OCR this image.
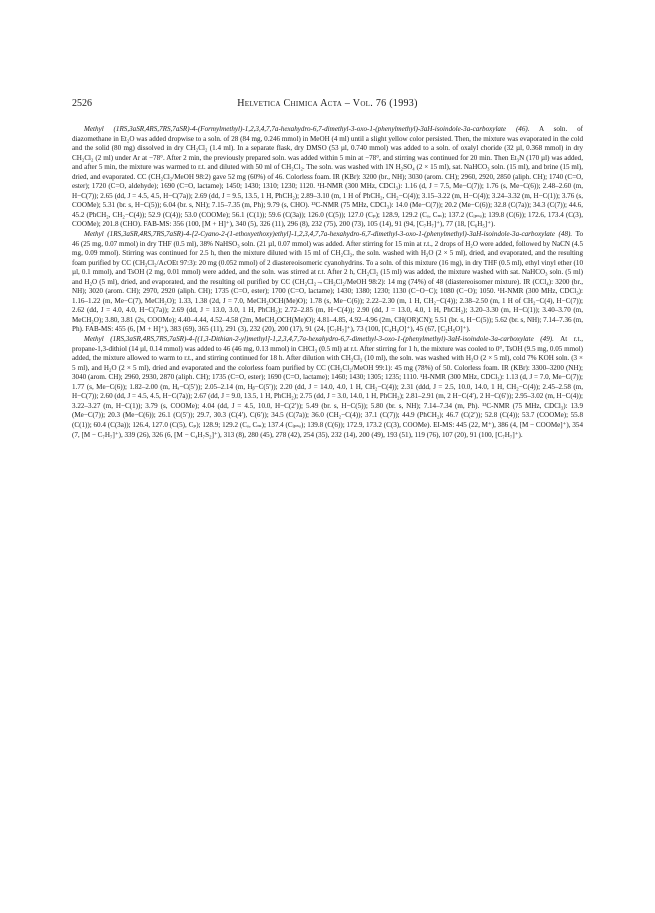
2526	Helvetica Chimica Acta – Vol. 76 (1993)

Methyl (1RS,3aSR,4RS,7RS,7aSR)-4-(Formylmethyl)-1,2,3,4,7,7a-hexahydro-6,7-dimethyl-3-oxo-1-(phenylmethyl)-3aH-isoindole-3a-carboxylate (46). A soln. of diazomethane in Et₂O was added dropwise to a soln. of 28 (84 mg, 0.246 mmol) in MeOH (4 ml) until a slight yellow color persisted. Then, the mixture was evaporated in the cold and the solid (80 mg) dissolved in dry CH₂Cl₂ (1.4 ml). In a separate flask, dry DMSO (53 µl, 0.740 mmol) was added to a soln. of oxalyl choride (32 µl, 0.368 mmol) in dry CH₂Cl₂ (2 ml) under Ar at −78°. After 2 min, the previously prepared soln. was added within 5 min at −78°, and stirring was continued for 20 min. Then Et₃N (170 µl) was added, and after 5 min, the mixture was warmed to r.t. and diluted with 50 ml of CH₂Cl₂. The soln. was washed with 1N H₂SO₄ (2 × 15 ml), sat. NaHCO₃ soln. (15 ml), and brine (15 ml), dried, and evaporated. CC (CH₂Cl₂/MeOH 98:2) gave 52 mg (60%) of 46. Colorless foam. IR (KBr): 3200 (br., NH); 3030 (arom. CH); 2960, 2920, 2850 (aliph. CH); 1740 (C=O, ester); 1720 (C=O, aldehyde); 1690 (C=O, lactame); 1450; 1430; 1310; 1230; 1120. ¹H-NMR (300 MHz, CDCl₃): 1.16 (d, J = 7.5, Me−C(7)); 1.76 (s, Me−C(6)); 2.48–2.60 (m, H−C(7)); 2.65 (dd, J = 4.5, 4.5, H−C(7a)); 2.69 (dd, J = 9.5, 13.5, 1 H, PhCH₂); 2.89–3.10 (m, 1 H of PhCH₂, CH₂−C(4)); 3.15–3.22 (m, H−C(4)); 3.24–3.32 (m, H−C(1)); 3.76 (s, COOMe); 5.31 (br. s, H−C(5)); 6.04 (br. s, NH); 7.15–7.35 (m, Ph); 9.79 (s, CHO). ¹³C-NMR (75 MHz, CDCl₃): 14.0 (Me−C(7)); 20.2 (Me−C(6)); 32.8 (C(7a)); 34.3 (C(7)); 44.6, 45.2 (PhCH₂, CH₂−C(4)); 52.9 (C(4)); 53.0 (COOMe); 56.1 (C(1)); 59.6 (C(3a)); 126.0 (C(5)); 127.0 (Cₚ); 128.9, 129.2 (Cₒ, Cₘ); 137.2 (Cᵢₚₛₒ); 139.8 (C(6)); 172.6, 173.4 (C(3), COOMe); 201.8 (CHO). FAB-MS: 356 (100, [M + H]⁺), 340 (5), 326 (11), 296 (8), 232 (75), 200 (73), 105 (14), 91 (94, [C₇H₇]⁺), 77 (18, [C₆H₅]⁺).

Methyl (1RS,3aSR,4RS,7RS,7aSR)-4-[2-Cyano-2-(1-ethoxyethoxy)ethyl]-1,2,3,4,7,7a-hexahydro-6,7-dimethyl-3-oxo-1-(phenylmethyl)-3aH-isoindole-3a-carboxylate (48). To 46 (25 mg, 0.07 mmol) in dry THF (0.5 ml), 38% NaHSO₃ soln. (21 µl, 0.07 mmol) was added. After stirring for 15 min at r.t., 2 drops of H₂O were added, followed by NaCN (4.5 mg, 0.09 mmol). Stirring was continued for 2.5 h, then the mixture diluted with 15 ml of CH₂Cl₂, the soln. washed with H₂O (2 × 5 ml), dried, and evaporated, and the resulting foam purified by CC (CH₂Cl₂/AcOEt 97:3): 20 mg (0.052 mmol) of 2 diastereoisomeric cyanohydrins. To a soln. of this mixture (16 mg), in dry THF (0.5 ml), ethyl vinyl ether (10 µl, 0.1 mmol), and TsOH (2 mg, 0.01 mmol) were added, and the soln. was stirred at r.t. After 2 h, CH₂Cl₂ (15 ml) was added, the mixture washed with sat. NaHCO₃ soln. (5 ml) and H₂O (5 ml), dried, and evaporated, and the resulting oil purified by CC (CH₂Cl₂→CH₂Cl₂/MeOH 98:2): 14 mg (74%) of 48 (diastereoisomer mixture). IR (CCl₄): 3200 (br., NH); 3020 (arom. CH); 2970, 2920 (aliph. CH); 1735 (C=O, ester); 1700 (C=O, lactame); 1430; 1380; 1230; 1130 (C−O−C); 1080 (C−O); 1050. ¹H-NMR (300 MHz, CDCl₃): 1.16–1.22 (m, Me−C(7), MeCH₂O); 1.33, 1.38 (2d, J = 7.0, MeCH₂OCH(Me)O); 1.78 (s, Me−C(6)); 2.22–2.30 (m, 1 H, CH₂−C(4)); 2.38–2.50 (m, 1 H of CH₂−C(4), H−C(7)); 2.62 (dd, J = 4.0, 4.0, H−C(7a)); 2.69 (dd, J = 13.0, 3.0, 1 H, PhCH₂); 2.72–2.85 (m, H−C(4)); 2.90 (dd, J = 13.0, 4.0, 1 H, PhCH₂); 3.20–3.30 (m, H−C(1)); 3.40–3.70 (m, MeCH₂O); 3.80, 3.81 (2s, COOMe); 4.40–4.44, 4.52–4.58 (2m, MeCH₂OCH(Me)O); 4.81–4.85, 4.92–4.96 (2m, CH(OR)CN); 5.51 (br. s, H−C(5)); 5.62 (br. s, NH); 7.14–7.36 (m, Ph). FAB-MS: 455 (6, [M + H]⁺), 383 (69), 365 (11), 291 (3), 232 (20), 200 (17), 91 (24, [C₇H₇]⁺), 73 (100, [C₄H₉O]⁺), 45 (67, [C₂H₅O]⁺).

Methyl (1RS,3aSR,4RS,7RS,7aSR)-4-[(1,3-Dithian-2-yl)methyl]-1,2,3,4,7,7a-hexahydro-6,7-dimethyl-3-oxo-1-(phenylmethyl)-3aH-isoindole-3a-carboxylate (49). At r.t., propane-1,3-dithiol (14 µl, 0.14 mmol) was added to 46 (46 mg, 0.13 mmol) in CHCl₃ (0.5 ml) at r.t. After stirring for 1 h, the mixture was cooled to 0°, TsOH (9.5 mg, 0.05 mmol) added, the mixture allowed to warm to r.t., and stirring continued for 18 h. After dilution with CH₂Cl₂ (10 ml), the soln. was washed with H₂O (2 × 5 ml), cold 7% KOH soln. (3 × 5 ml), and H₂O (2 × 5 ml), dried and evaporated and the colorless foam purified by CC (CH₂Cl₂/MeOH 99:1): 45 mg (78%) of 50. Colorless foam. IR (KBr): 3300–3200 (NH); 3040 (arom. CH); 2960, 2930, 2870 (aliph. CH); 1735 (C=O, ester); 1690 (C=O, lactame); 1460; 1430; 1305; 1235; 1110. ¹H-NMR (300 MHz, CDCl₃): 1.13 (d, J = 7.0, Me−C(7)); 1.77 (s, Me−C(6)); 1.82–2.00 (m, Hₐ−C(5′)); 2.05–2.14 (m, Hᵦ−C(5′)); 2.20 (dd, J = 14.0, 4.0, 1 H, CH₂−C(4)); 2.31 (ddd, J = 2.5, 10.0, 14.0, 1 H, CH₂−C(4)); 2.45–2.58 (m, H−C(7)); 2.60 (dd, J = 4.5, 4.5, H−C(7a)); 2.67 (dd, J = 9.0, 13.5, 1 H, PhCH₂); 2.75 (dd, J = 3.0, 14.0, 1 H, PhCH₂); 2.81–2.91 (m, 2 H−C(4′), 2 H−C(6′)); 2.95–3.02 (m, H−C(4)); 3.22–3.27 (m, H−C(1)); 3.79 (s, COOMe); 4.04 (dd, J = 4.5, 10.0, H−C(2′)); 5.49 (br. s, H−C(5)); 5.80 (br. s, NH); 7.14–7.34 (m, Ph). ¹³C-NMR (75 MHz, CDCl₃): 13.9 (Me−C(7)); 20.3 (Me−C(6)); 26.1 (C(5′)); 29.7, 30.3 (C(4′), C(6′)); 34.5 (C(7a)); 36.0 (CH₂−C(4)); 37.1 (C(7)); 44.9 (PhCH₂); 46.7 (C(2′)); 52.8 (C(4)); 53.7 (COOMe); 55.8 (C(1)); 60.4 (C(3a)); 126.4, 127.0 (C(5), Cₚ); 128.9; 129.2 (Cₒ, Cₘ); 137.4 (Cᵢₚₛₒ); 139.8 (C(6)); 172.9, 173.2 (C(3), COOMe). EI-MS: 445 (22, M⁺), 386 (4, [M − COOMe]⁺), 354 (7, [M − C₇H₇]⁺), 339 (26), 326 (6, [M − C₄H₇S₂]⁺), 313 (8), 280 (45), 278 (42), 254 (35), 232 (14), 200 (49), 193 (51), 119 (76), 107 (20), 91 (100, [C₇H₇]⁺).
